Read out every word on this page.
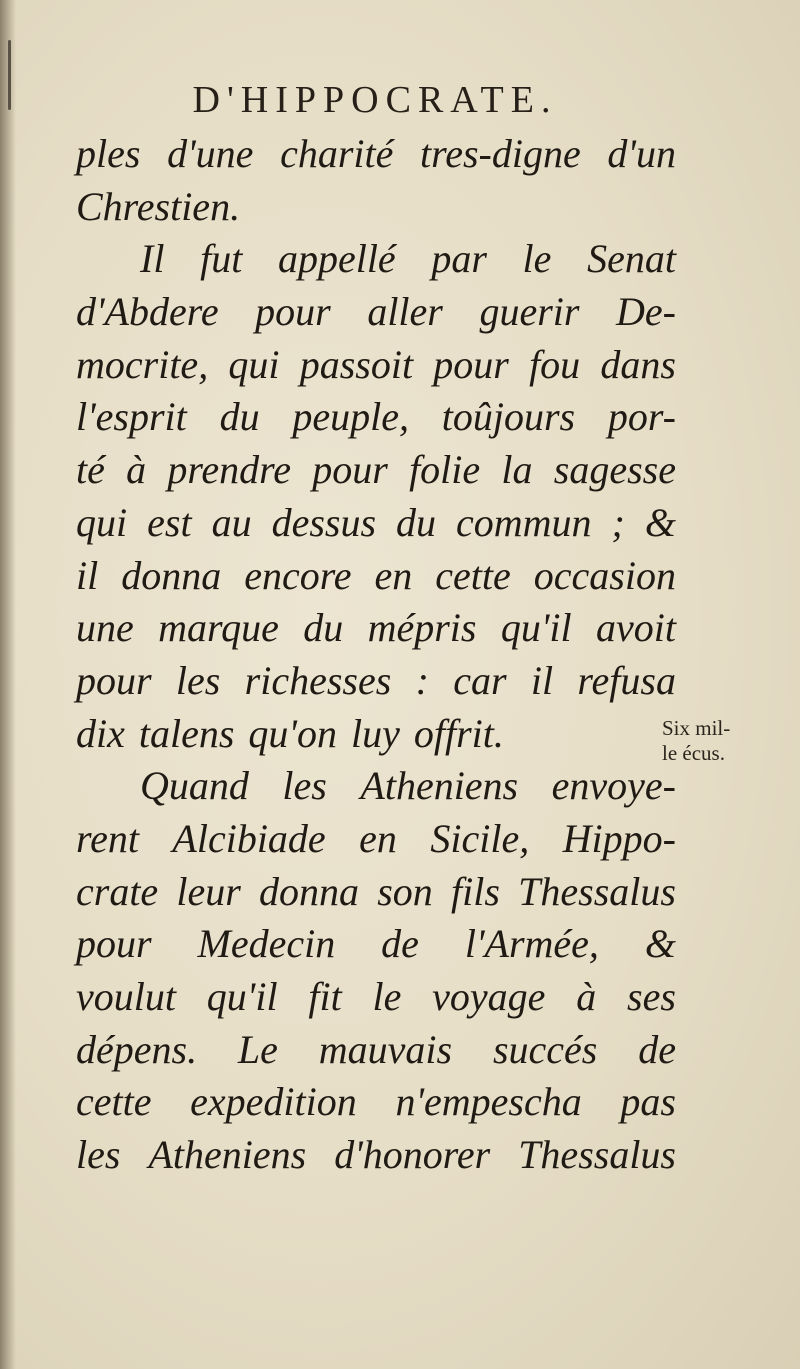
D'HIPPOCRATE.
ples d'une charité tres-digne d'un
Chrestien.
Il fut appellé par le Senat
d'Abdere pour aller guerir De-
mocrite, qui passoit pour fou dans
l'esprit du peuple, toûjours por-
té à prendre pour folie la sagesse
qui est au dessus du commun ; &
il donna encore en cette occasion
une marque du mépris qu'il avoit
pour les richesses : car il refusa
dix talens qu'on luy offrit.
Quand les Atheniens envoye-
rent Alcibiade en Sicile, Hippo-
crate leur donna son fils Thessalus
pour Medecin de l'Armée, &
voulut qu'il fit le voyage à ses
dépens. Le mauvais succés de
cette expedition n'empescha pas
les Atheniens d'honorer Thessalus
Six mil-
le écus.
